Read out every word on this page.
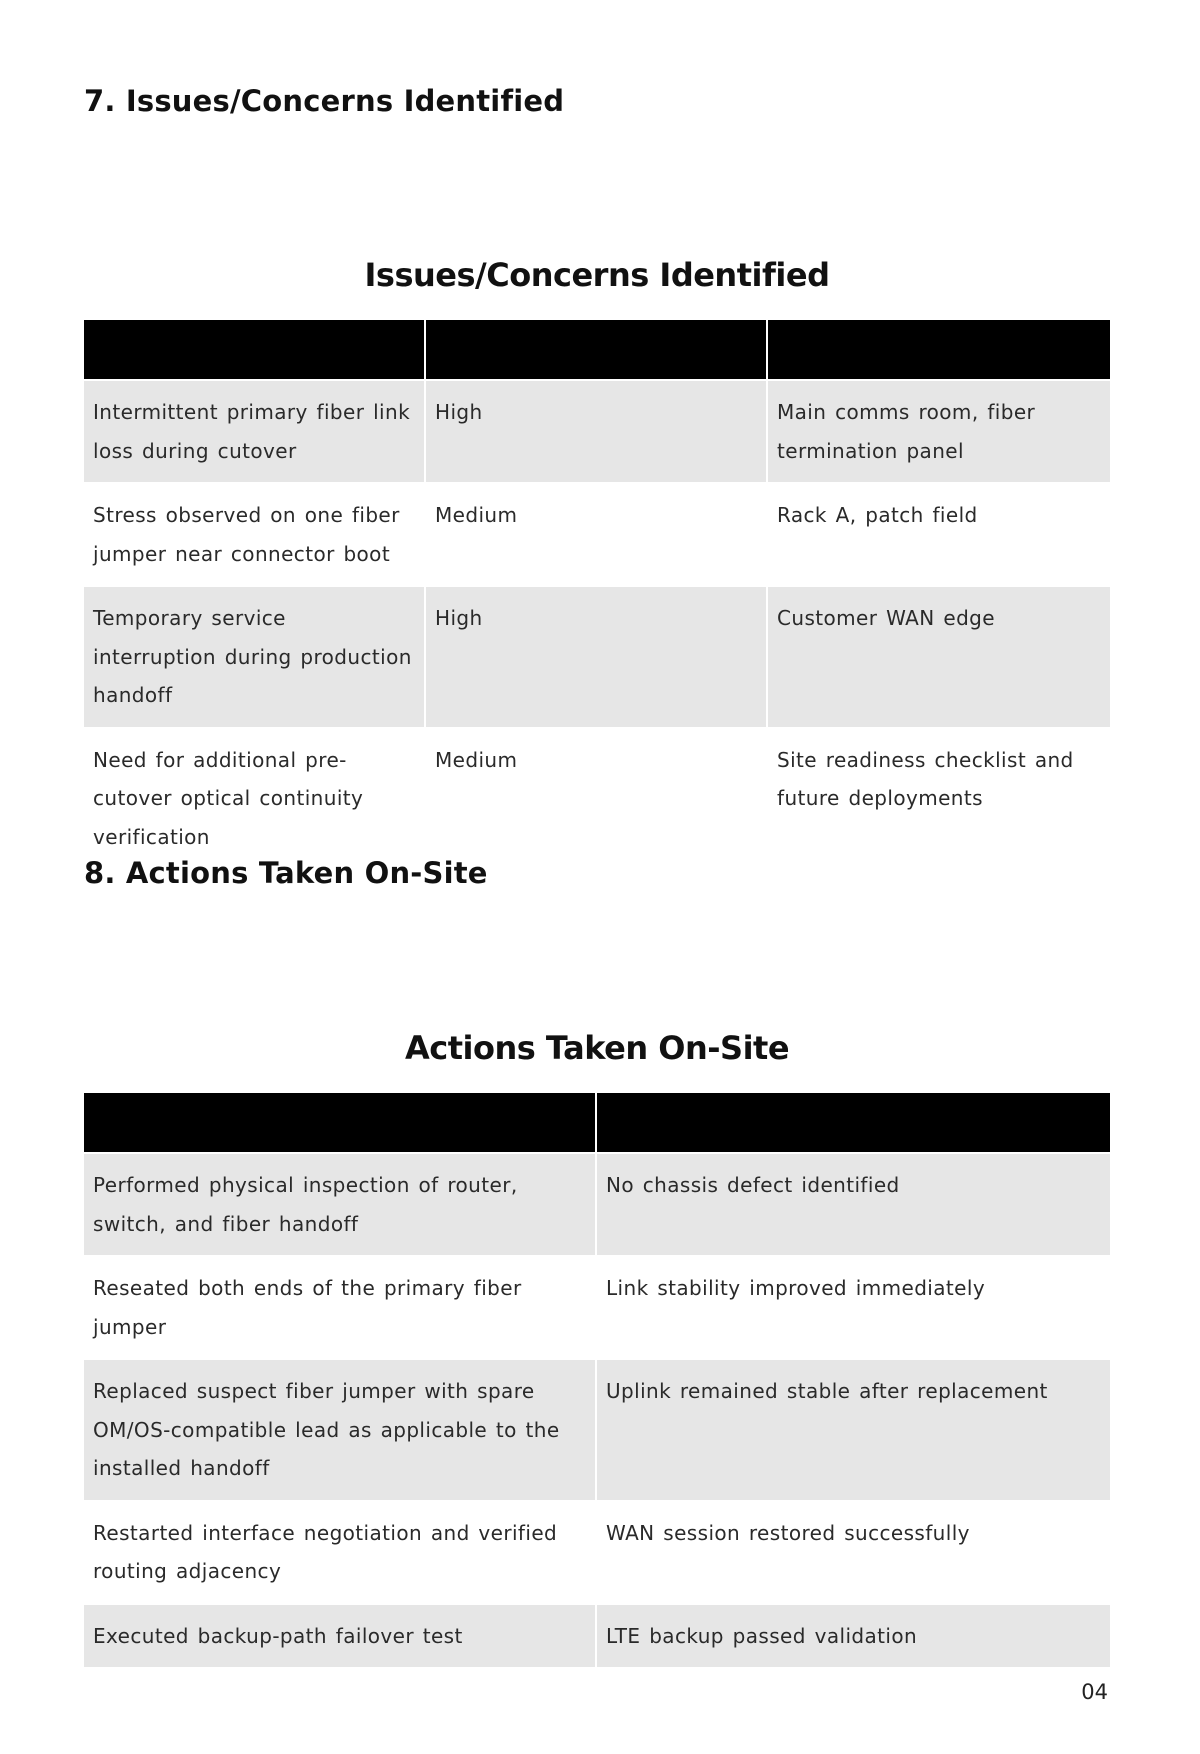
7. Issues/Concerns Identified
Issues/Concerns Identified

Intermittent primary fiber link loss during cutover	High	Main comms room, fiber termination panel
Stress observed on one fiber jumper near connector boot	Medium	Rack A, patch field
Temporary service interruption during production handoff	High	Customer WAN edge
Need for additional pre-cutover optical continuity verification	Medium	Site readiness checklist and future deployments
8. Actions Taken On-Site
Actions Taken On-Site

Performed physical inspection of router, switch, and fiber handoff	No chassis defect identified
Reseated both ends of the primary fiber jumper	Link stability improved immediately
Replaced suspect fiber jumper with spare OM/OS-compatible lead as applicable to the installed handoff	Uplink remained stable after replacement
Restarted interface negotiation and verified routing adjacency	WAN session restored successfully
Executed backup-path failover test	LTE backup passed validation
04
